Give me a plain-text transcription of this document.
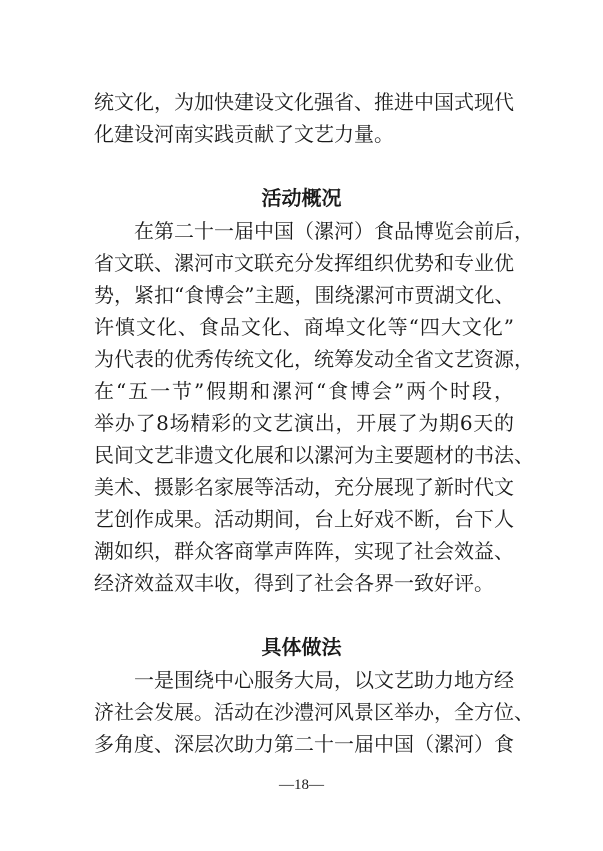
统文化，为加快建设文化强省、推进中国式现代
化建设河南实践贡献了文艺力量。
活动概况
　　在第二十一届中国（漯河）食品博览会前后，
省文联、漯河市文联充分发挥组织优势和专业优
势，紧扣“食博会”主题，围绕漯河市贾湖文化、
许慎文化、食品文化、商埠文化等“四大文化”
为代表的优秀传统文化，统筹发动全省文艺资源，
在“五一节”假期和漯河“食博会”两个时段，
举办了8场精彩的文艺演出，开展了为期6天的
民间文艺非遗文化展和以漯河为主要题材的书法、
美术、摄影名家展等活动，充分展现了新时代文
艺创作成果。活动期间，台上好戏不断，台下人
潮如织，群众客商掌声阵阵，实现了社会效益、
经济效益双丰收，得到了社会各界一致好评。
具体做法
　　一是围绕中心服务大局，以文艺助力地方经
济社会发展。活动在沙澧河风景区举办，全方位、
多角度、深层次助力第二十一届中国（漯河）食
—18—
